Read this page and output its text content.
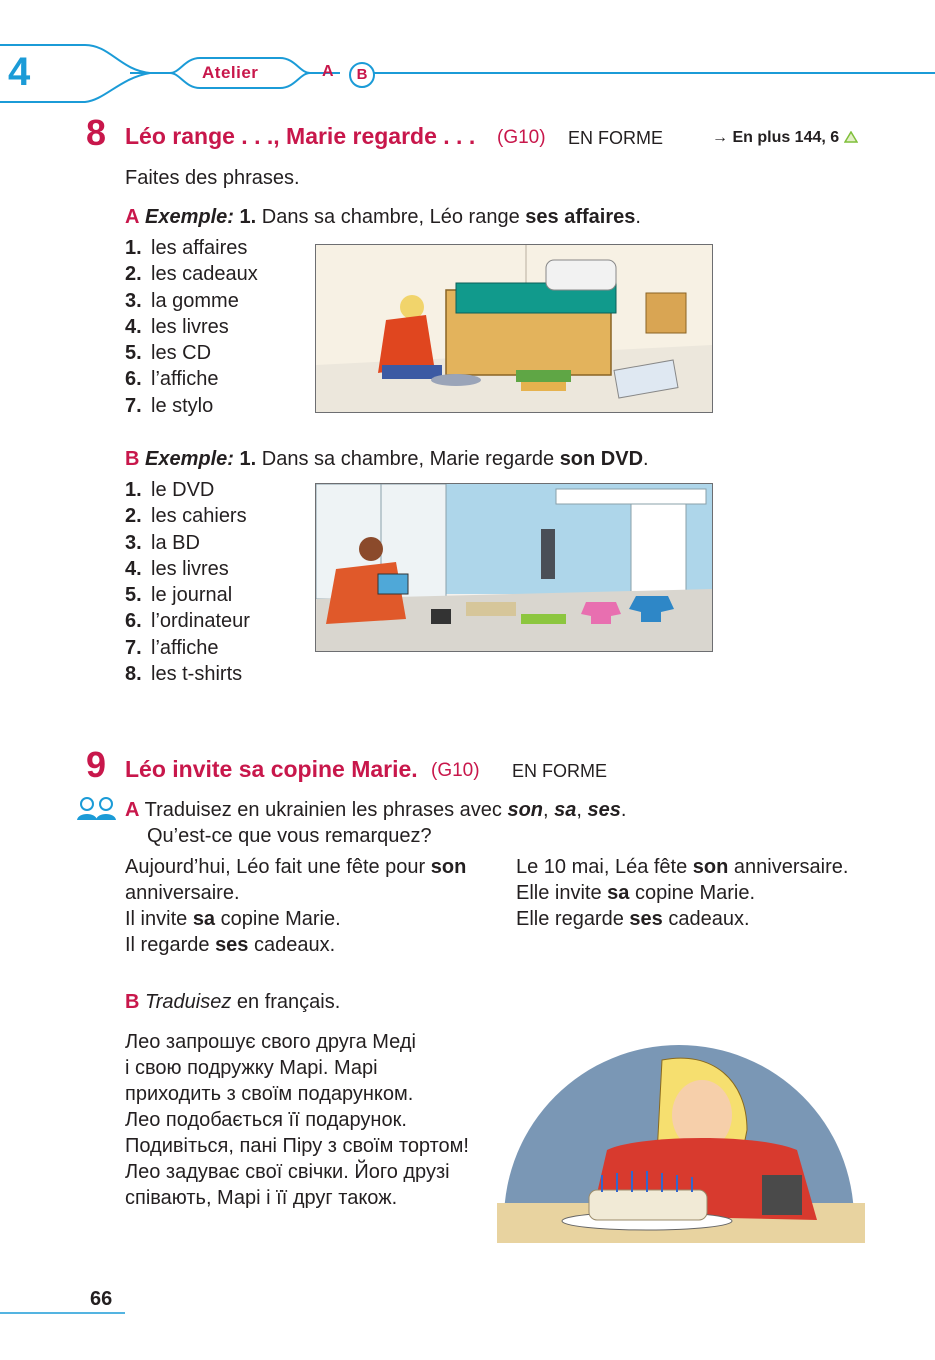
4	Atelier	A	B
8 Léo range . . ., Marie regarde . . . (G10) EN FORME	→ En plus 144, 6
Faites des phrases.
A Exemple: 1. Dans sa chambre, Léo range ses affaires.
1. les affaires
2. les cadeaux
3. la gomme
4. les livres
5. les CD
6. l’affiche
7. le stylo
B Exemple: 1. Dans sa chambre, Marie regarde son DVD.
1. le DVD
2. les cahiers
3. la BD
4. les livres
5. le journal
6. l’ordinateur
7. l’affiche
8. les t-shirts
9 Léo invite sa copine Marie. (G10) EN FORME
A Traduisez en ukrainien les phrases avec son, sa, ses.
Qu’est-ce que vous remarquez?
Aujourd’hui, Léo fait une fête pour son
anniversaire.
Il invite sa copine Marie.
Il regarde ses cadeaux.
Le 10 mai, Léa fête son anniversaire.
Elle invite sa copine Marie.
Elle regarde ses cadeaux.
B Traduisez en français.
Лео запрошує свого друга Меді
і свою подружку Марі. Марі
приходить з своїм подарунком.
Лео подобається її подарунок.
Подивіться, пані Піру з своїм тортом!
Лео задуває свої свічки. Його друзі
співають, Марі і її друг також.
66
